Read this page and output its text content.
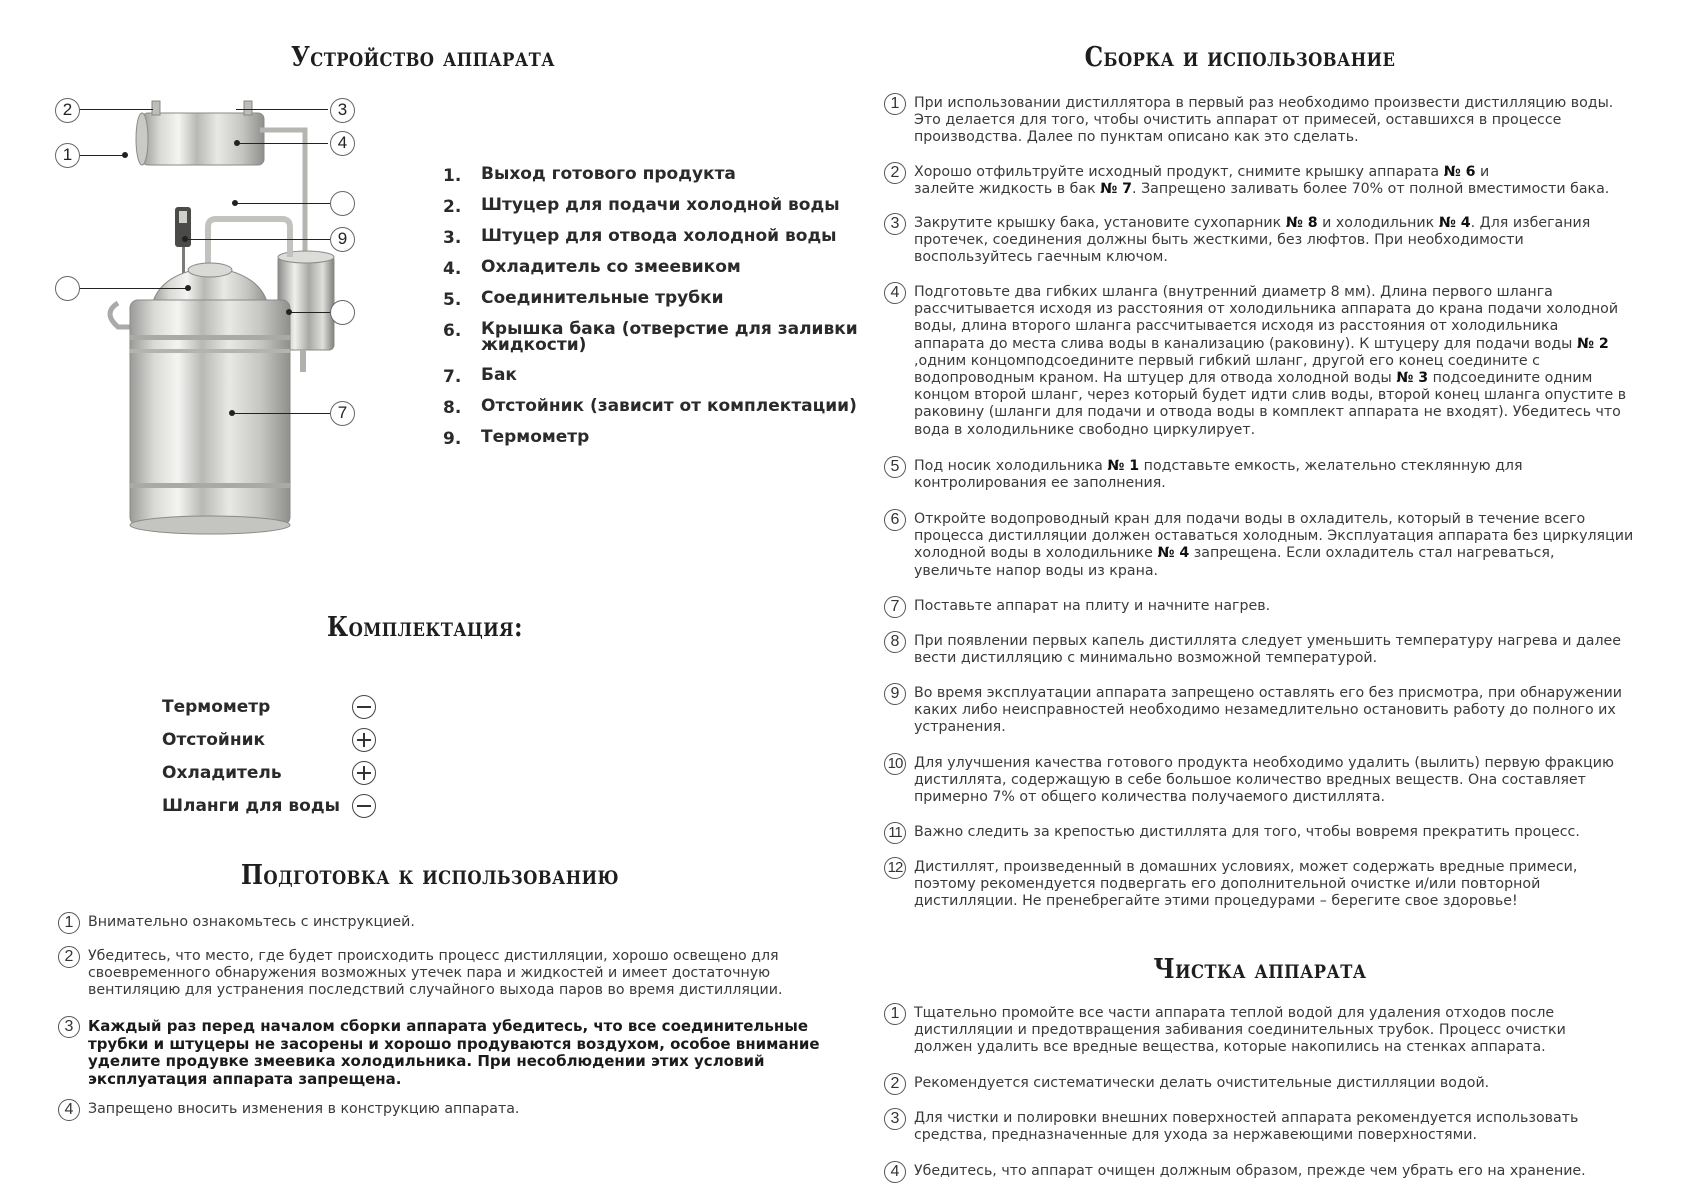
Устройство аппарата
2	3
1
4
9
7
1. Выход готового продукта
2. Штуцер для подачи холодной воды
3. Штуцер для отвода холодной воды
4. Охладитель со змеевиком
5. Соединительные трубки
6. Крышка бака (отверстие для заливки
жидкости)
7. Бак
8. Отстойник (зависит от комплектации)
9. Термометр
Комплектация:
Термометр
Отстойник
Охладитель
Шланги для воды
Подготовка к использованию
1	Внимательно ознакомьтесь с инструкцией.
2	Убедитесь, что место, где будет происходить процесс дистилляции, хорошо освещено для
своевременного обнаружения возможных утечек пара и жидкостей и имеет достаточную
вентиляцию для устранения последствий случайного выхода паров во время дистилляции.
3 Каждый раз перед началом сборки аппарата убедитесь, что все соединительные
трубки и штуцеры не засорены и хорошо продуваются воздухом, особое внимание
уделите продувке змеевика холодильника. При несоблюдении этих условий
эксплуатация аппарата запрещена.
4	Запрещено вносить изменения в конструкцию аппарата.
Сборка и использование
1	При использовании дистиллятора в первый раз необходимо произвести дистилляцию воды.
Это делается для того, чтобы очистить аппарат от примесей, оставшихся в процессе
производства. Далее по пунктам описано как это сделать.
2	Хорошо отфильтруйте исходный продукт, снимите крышку аппарата № 6 и
залейте жидкость в бак № 7. Запрещено заливать более 70% от полной вместимости бака.
3	Закрутите крышку бака, установите сухопарник № 8 и холодильник № 4. Для избегания
протечек, соединения должны быть жесткими, без люфтов. При необходимости
воспользуйтесь гаечным ключом.
4	Подготовьте два гибких шланга (внутренний диаметр 8 мм). Длина первого шланга
рассчитывается исходя из расстояния от холодильника аппарата до крана подачи холодной
воды, длина второго шланга рассчитывается исходя из расстояния от холодильника
аппарата до места слива воды в канализацию (раковину). К штуцеру для подачи воды № 2
,одним концомподсоедините первый гибкий шланг, другой его конец соедините с
водопроводным краном. На штуцер для отвода холодной воды № 3 подсоедините одним
концом второй шланг, через который будет идти слив воды, второй конец шланга опустите в
раковину (шланги для подачи и отвода воды в комплект аппарата не входят). Убедитесь что
вода в холодильнике свободно циркулирует.
5	Под носик холодильника № 1 подставьте емкость, желательно стеклянную для
контролирования ее заполнения.
6	Откройте водопроводный кран для подачи воды в охладитель, который в течение всего
процесса дистилляции должен оставаться холодным. Эксплуатация аппарата без циркуляции
холодной воды в холодильнике № 4 запрещена. Если охладитель стал нагреваться,
увеличьте напор воды из крана.
7	Поставьте аппарат на плиту и начните нагрев.
8	При появлении первых капель дистиллята следует уменьшить температуру нагрева и далее
вести дистилляцию с минимально возможной температурой.
9	Во время эксплуатации аппарата запрещено оставлять его без присмотра, при обнаружении
каких либо неисправностей необходимо незамедлительно остановить работу до полного их
устранения.
10 Для улучшения качества готового продукта необходимо удалить (вылить) первую фракцию
дистиллята, содержащую в себе большое количество вредных веществ. Она составляет
примерно 7% от общего количества получаемого дистиллята.
11 Важно следить за крепостью дистиллята для того, чтобы вовремя прекратить процесс.
12 Дистиллят, произведенный в домашних условиях, может содержать вредные примеси,
поэтому рекомендуется подвергать его дополнительной очистке и/или повторной
дистилляции. Не пренебрегайте этими процедурами – берегите свое здоровье!
Чистка аппарата
1	Тщательно промойте все части аппарата теплой водой для удаления отходов после
дистилляции и предотвращения забивания соединительных трубок. Процесс очистки
должен удалить все вредные вещества, которые накопились на стенках аппарата.
2	Рекомендуется систематически делать очистительные дистилляции водой.
3	Для чистки и полировки внешних поверхностей аппарата рекомендуется использовать
средства, предназначенные для ухода за нержавеющими поверхностями.
4	Убедитесь, что аппарат очищен должным образом, прежде чем убрать его на хранение.
